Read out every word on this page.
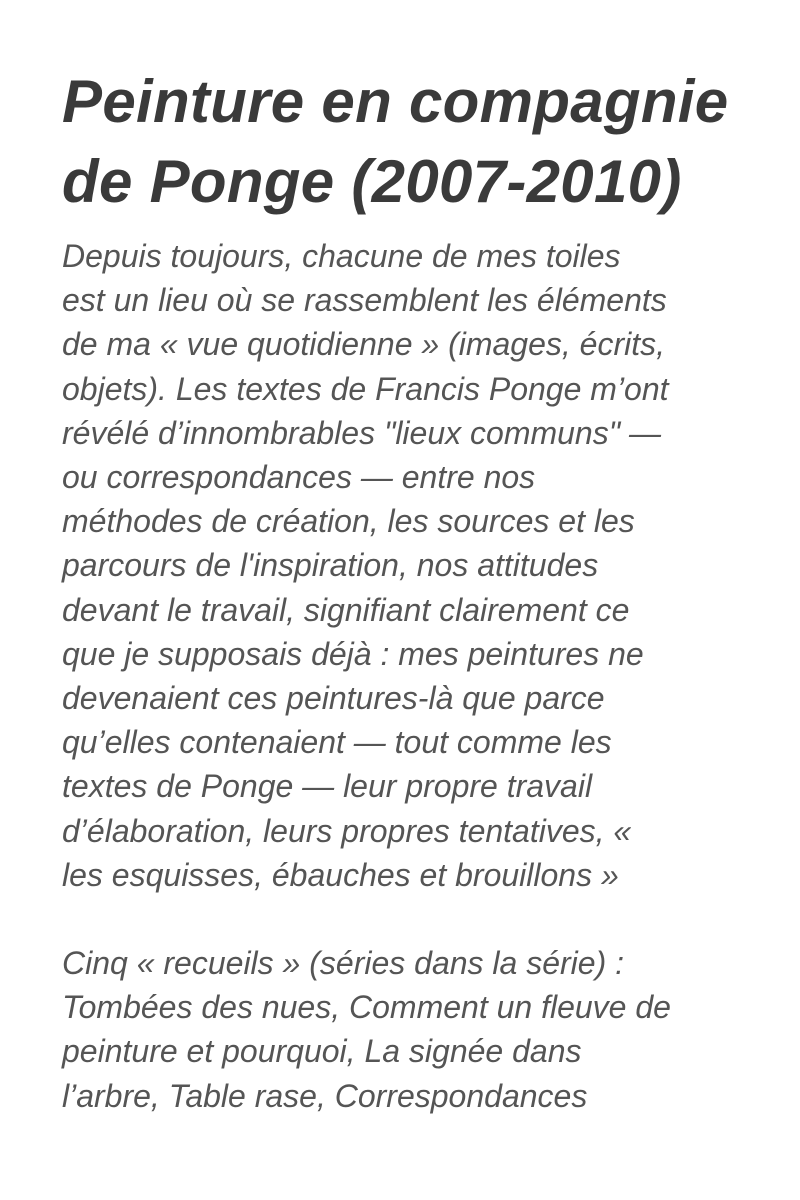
Peinture en compagnie
de Ponge (2007-2010)
Depuis toujours, chacune de mes toiles
est un lieu où se rassemblent les éléments
de ma « vue quotidienne » (images, écrits,
objets). Les textes de Francis Ponge m’ont
révélé d’innombrables "lieux communs" —
ou correspondances — entre nos
méthodes de création, les sources et les
parcours de l'inspiration, nos attitudes
devant le travail, signifiant clairement ce
que je supposais déjà : mes peintures ne
devenaient ces peintures-là que parce
qu’elles contenaient — tout comme les
textes de Ponge — leur propre travail
d’élaboration, leurs propres tentatives, «
les esquisses, ébauches et brouillons »
Cinq « recueils » (séries dans la série) :
Tombées des nues, Comment un fleuve de
peinture et pourquoi, La signée dans
l’arbre, Table rase, Correspondances
